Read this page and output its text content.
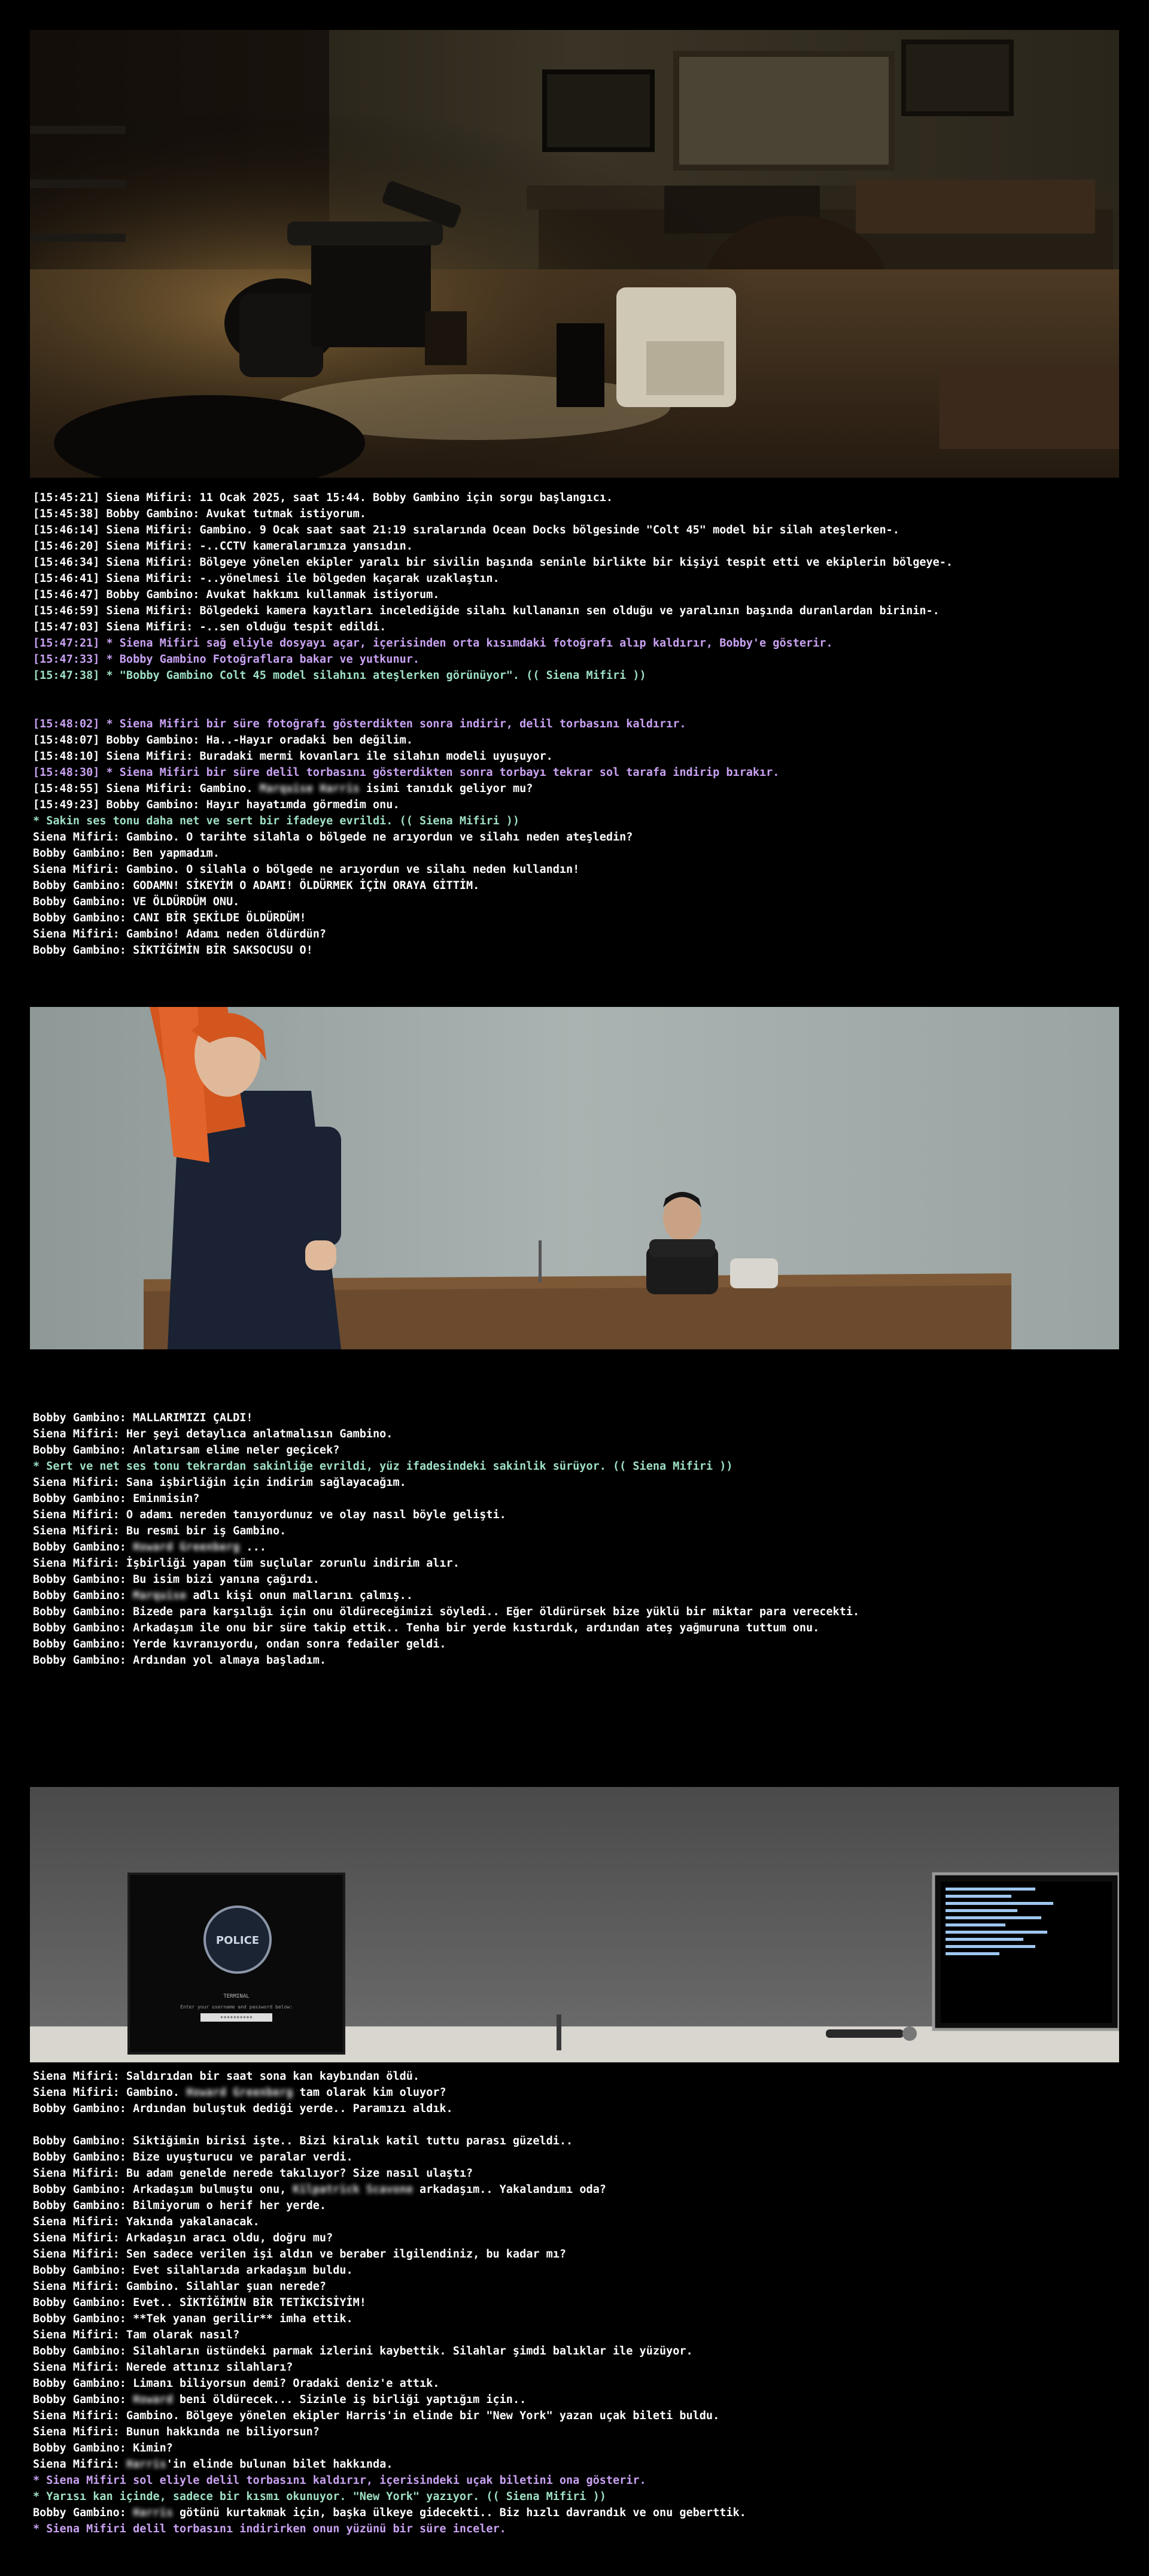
[15:45:21] Siena Mifiri: 11 Ocak 2025, saat 15:44. Bobby Gambino için sorgu başlangıcı.
[15:45:38] Bobby Gambino: Avukat tutmak istiyorum.
[15:46:14] Siena Mifiri: Gambino. 9 Ocak saat saat 21:19 sıralarında Ocean Docks bölgesinde "Colt 45" model bir silah ateşlerken-.
[15:46:20] Siena Mifiri: -..CCTV kameralarımıza yansıdın.
[15:46:34] Siena Mifiri: Bölgeye yönelen ekipler yaralı bir sivilin başında seninle birlikte bir kişiyi tespit etti ve ekiplerin bölgeye-.
[15:46:41] Siena Mifiri: -..yönelmesi ile bölgeden kaçarak uzaklaştın.
[15:46:47] Bobby Gambino: Avukat hakkımı kullanmak istiyorum.
[15:46:59] Siena Mifiri: Bölgedeki kamera kayıtları incelediğide silahı kullananın sen olduğu ve yaralının başında duranlardan birinin-.
[15:47:03] Siena Mifiri: -..sen olduğu tespit edildi.
[15:47:21] * Siena Mifiri sağ eliyle dosyayı açar, içerisinden orta kısımdaki fotoğrafı alıp kaldırır, Bobby'e gösterir.
[15:47:33] * Bobby Gambino Fotoğraflara bakar ve yutkunur.
[15:47:38] * "Bobby Gambino Colt 45 model silahını ateşlerken görünüyor". (( Siena Mifiri ))
[15:48:02] * Siena Mifiri bir süre fotoğrafı gösterdikten sonra indirir, delil torbasını kaldırır.
[15:48:07] Bobby Gambino: Ha..-Hayır oradaki ben değilim.
[15:48:10] Siena Mifiri: Buradaki mermi kovanları ile silahın modeli uyuşuyor.
[15:48:30] * Siena Mifiri bir süre delil torbasını gösterdikten sonra torbayı tekrar sol tarafa indirip bırakır.
[15:48:55] Siena Mifiri: Gambino. Marquise Harris isimi tanıdık geliyor mu?
[15:49:23] Bobby Gambino: Hayır hayatımda görmedim onu.
* Sakin ses tonu daha net ve sert bir ifadeye evrildi. (( Siena Mifiri ))
Siena Mifiri: Gambino. O tarihte silahla o bölgede ne arıyordun ve silahı neden ateşledin?
Bobby Gambino: Ben yapmadım.
Siena Mifiri: Gambino. O silahla o bölgede ne arıyordun ve silahı neden kullandın!
Bobby Gambino: GODAMN! SİKEYİM O ADAMI! ÖLDÜRMEK İÇİN ORAYA GİTTİM.
Bobby Gambino: VE ÖLDÜRDÜM ONU.
Bobby Gambino: CANI BİR ŞEKİLDE ÖLDÜRDÜM!
Siena Mifiri: Gambino! Adamı neden öldürdün?
Bobby Gambino: SİKTİĞİMİN BİR SAKSOCUSU O!
Bobby Gambino: MALLARIMIZI ÇALDI!
Siena Mifiri: Her şeyi detaylıca anlatmalısın Gambino.
Bobby Gambino: Anlatırsam elime neler geçicek?
* Sert ve net ses tonu tekrardan sakinliğe evrildi, yüz ifadesindeki sakinlik sürüyor. (( Siena Mifiri ))
Siena Mifiri: Sana işbirliğin için indirim sağlayacağım.
Bobby Gambino: Eminmisin?
Siena Mifiri: O adamı nereden tanıyordunuz ve olay nasıl böyle gelişti.
Siena Mifiri: Bu resmi bir iş Gambino.
Bobby Gambino: Howard Greenberg ...
Siena Mifiri: İşbirliği yapan tüm suçlular zorunlu indirim alır.
Bobby Gambino: Bu isim bizi yanına çağırdı.
Bobby Gambino: Marquise adlı kişi onun mallarını çalmış..
Bobby Gambino: Bizede para karşılığı için onu öldüreceğimizi söyledi.. Eğer öldürürsek bize yüklü bir miktar para verecekti.
Bobby Gambino: Arkadaşım ile onu bir süre takip ettik.. Tenha bir yerde kıstırdık, ardından ateş yağmuruna tuttum onu.
Bobby Gambino: Yerde kıvranıyordu, ondan sonra fedailer geldi.
Bobby Gambino: Ardından yol almaya başladım.
POLICE
TERMINAL
Enter your username and password below:
**********
Siena Mifiri: Saldırıdan bir saat sona kan kaybından öldü.
Siena Mifiri: Gambino. Howard Greenberg tam olarak kim oluyor?
Bobby Gambino: Ardından buluştuk dediği yerde.. Paramızı aldık.
Bobby Gambino: Siktiğimin birisi işte.. Bizi kiralık katil tuttu parası güzeldi..
Bobby Gambino: Bize uyuşturucu ve paralar verdi.
Siena Mifiri: Bu adam genelde nerede takılıyor? Size nasıl ulaştı?
Bobby Gambino: Arkadaşım bulmuştu onu, Kilpatrick Scavone arkadaşım.. Yakalandımı oda?
Bobby Gambino: Bilmiyorum o herif her yerde.
Siena Mifiri: Yakında yakalanacak.
Siena Mifiri: Arkadaşın aracı oldu, doğru mu?
Siena Mifiri: Sen sadece verilen işi aldın ve beraber ilgilendiniz, bu kadar mı?
Bobby Gambino: Evet silahlarıda arkadaşım buldu.
Siena Mifiri: Gambino. Silahlar şuan nerede?
Bobby Gambino: Evet.. SİKTİĞİMİN BİR TETİKCİSİYİM!
Bobby Gambino: **Tek yanan gerilir** imha ettik.
Siena Mifiri: Tam olarak nasıl?
Bobby Gambino: Silahların üstündeki parmak izlerini kaybettik. Silahlar şimdi balıklar ile yüzüyor.
Siena Mifiri: Nerede attınız silahları?
Bobby Gambino: Limanı biliyorsun demi? Oradaki deniz'e attık.
Bobby Gambino: Howard beni öldürecek... Sizinle iş birliği yaptığım için..
Siena Mifiri: Gambino. Bölgeye yönelen ekipler Harris'in elinde bir "New York" yazan uçak bileti buldu.
Siena Mifiri: Bunun hakkında ne biliyorsun?
Bobby Gambino: Kimin?
Siena Mifiri: Harris'in elinde bulunan bilet hakkında.
* Siena Mifiri sol eliyle delil torbasını kaldırır, içerisindeki uçak biletini ona gösterir.
* Yarısı kan içinde, sadece bir kısmı okunuyor. "New York" yazıyor. (( Siena Mifiri ))
Bobby Gambino: Harris götünü kurtakmak için, başka ülkeye gidecekti.. Biz hızlı davrandık ve onu geberttik.
* Siena Mifiri delil torbasını indirirken onun yüzünü bir süre inceler.
